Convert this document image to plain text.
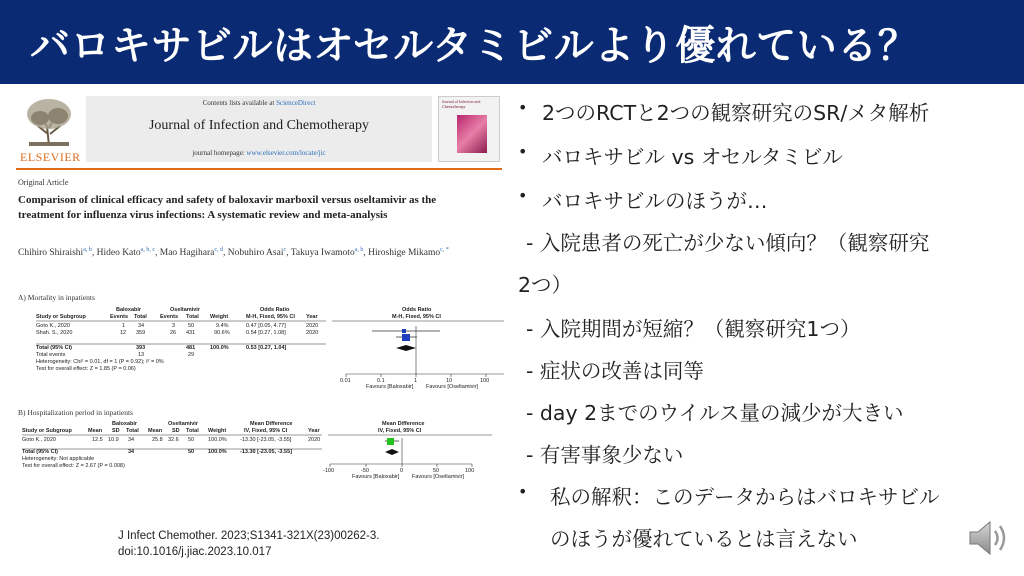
バロキサビルはオセルタミビルより優れている？
ELSEVIER
Contents lists available at ScienceDirect
Journal of Infection and Chemotherapy
journal homepage: www.elsevier.com/locate/jic
Journal of Infection and Chemotherapy
Original Article
Comparison of clinical efficacy and safety of baloxavir marboxil versus oseltamivir as the treatment for influenza virus infections: A systematic review and meta-analysis
Chihiro Shiraishi$^{a, b}$, Hideo Kato$^{a, b, c}$, Mao Hagihara$^{c, d}$, Nobuhiro Asai$^c$, Takuya Iwamoto$^{a, b}$, Hiroshige Mikamo$^{c, *}$
A) Mortality in inpatients
Baloxabir	Oseltamivir	Odds Ratio	Odds Ratio
Study or Subgroup	Events Total Events Total Weight	M-H, Fixed, 95% CI Year	M-H, Fixed, 95% CI
Goto K., 2020	1 34	3 50	9.4%	0.47 [0.05, 4.77]	2020
Shah. S., 2020	12 359	26 431	90.6%	0.54 [0.27, 1.08]	2020
Total (95% CI)	393	481	100.0%	0.53 [0.27, 1.04]
Total events	13	29
Heterogeneity: Chi² = 0.01, df = 1 (P = 0.92); I² = 0%
Test for overall effect: Z = 1.85 (P = 0.06)
0.01	0.1	1	10	100
Favours [Baloxabir] Favours [Oseltamivir]
B) Hospitalization period in inpatients
Baloxabir	Oseltamivir	Mean Difference	Mean Difference
Study or Subgroup	Mean SD Total Mean SD Total Weight	IV, Fixed, 95% CI	Year	IV, Fixed, 95% CI
Goto K., 2020	12.5 10.9 34	25.8 32.6 50	100.0% -13.30 [-23.05, -3.55]	2020
Total (95% CI)	34	50	100.0% -13.30 [-23.05, -3.55]
Heterogeneity: Not applicable
Test for overall effect: Z = 2.67 (P = 0.008)
-100	-50	0	50	100
Favours [Baloxabir] Favours [Oseltamivir]
J Infect Chemother. 2023;S1341-321X(23)00262-3.
doi:10.1016/j.jiac.2023.10.017
• 2つのRCTと2つの観察研究のSR/メタ解析
• バロキサビル vs オセルタミビル
• バロキサビルのほうが…
- 入院患者の死亡が少ない傾向？（観察研究
2つ）
- 入院期間が短縮？（観察研究1つ）
- 症状の改善は同等
- day 2までのウイルス量の減少が大きい
- 有害事象少ない
• 私の解釈：このデータからはバロキサビル
のほうが優れているとは言えない
